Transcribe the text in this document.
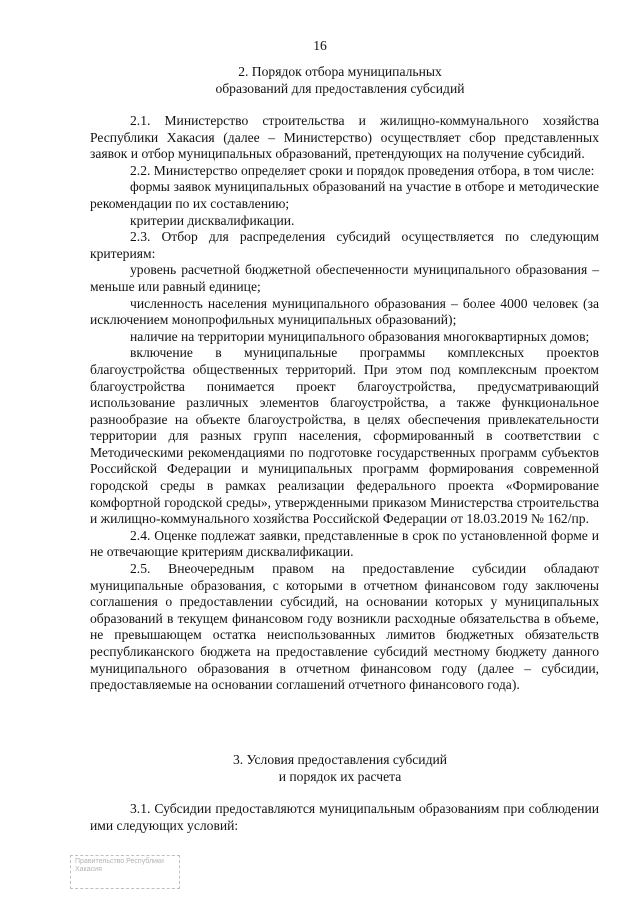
16
2. Порядок отбора муниципальных
образований для предоставления субсидий

2.1. Министерство строительства и жилищно-коммунального хозяйства Республики Хакасия (далее – Министерство) осуществляет сбор представленных заявок и отбор муниципальных образований, претендующих на получение субсидий.

2.2. Министерство определяет сроки и порядок проведения отбора, в том числе:

формы заявок муниципальных образований на участие в отборе и методические рекомендации по их составлению;

критерии дисквалификации.

2.3. Отбор для распределения субсидий осуществляется по следующим критериям:

уровень расчетной бюджетной обеспеченности муниципального образования – меньше или равный единице;

численность населения муниципального образования – более 4000 человек (за исключением монопрофильных муниципальных образований);

наличие на территории муниципального образования многоквартирных домов;

включение в муниципальные программы комплексных проектов благоустройства общественных территорий. При этом под комплексным проектом благоустройства понимается проект благоустройства, предусматривающий использование различных элементов благоустройства, а также функциональное разнообразие на объекте благоустройства, в целях обеспечения привлекательности территории для разных групп населения, сформированный в соответствии с Методическими рекомендациями по подготовке государственных программ субъектов Российской Федерации и муниципальных программ формирования современной городской среды в рамках реализации федерального проекта «Формирование комфортной городской среды», утвержденными приказом Министерства строительства и жилищно-коммунального хозяйства Российской Федерации от 18.03.2019 № 162/пр.

2.4. Оценке подлежат заявки, представленные в срок по установленной форме и не отвечающие критериям дисквалификации.

2.5. Внеочередным правом на предоставление субсидии обладают муниципальные образования, с которыми в отчетном финансовом году заключены соглашения о предоставлении субсидий, на основании которых у муниципальных образований в текущем финансовом году возникли расходные обязательства в объеме, не превышающем остатка неиспользованных лимитов бюджетных обязательств республиканского бюджета на предоставление субсидий местному бюджету данного муниципального образования в отчетном финансовом году (далее – субсидии, предоставляемые на основании соглашений отчетного финансового года).

3. Условия предоставления субсидий
и порядок их расчета

3.1. Субсидии предоставляются муниципальным образованиям при соблюдении ими следующих условий:

Правительство Республики Хакасия
